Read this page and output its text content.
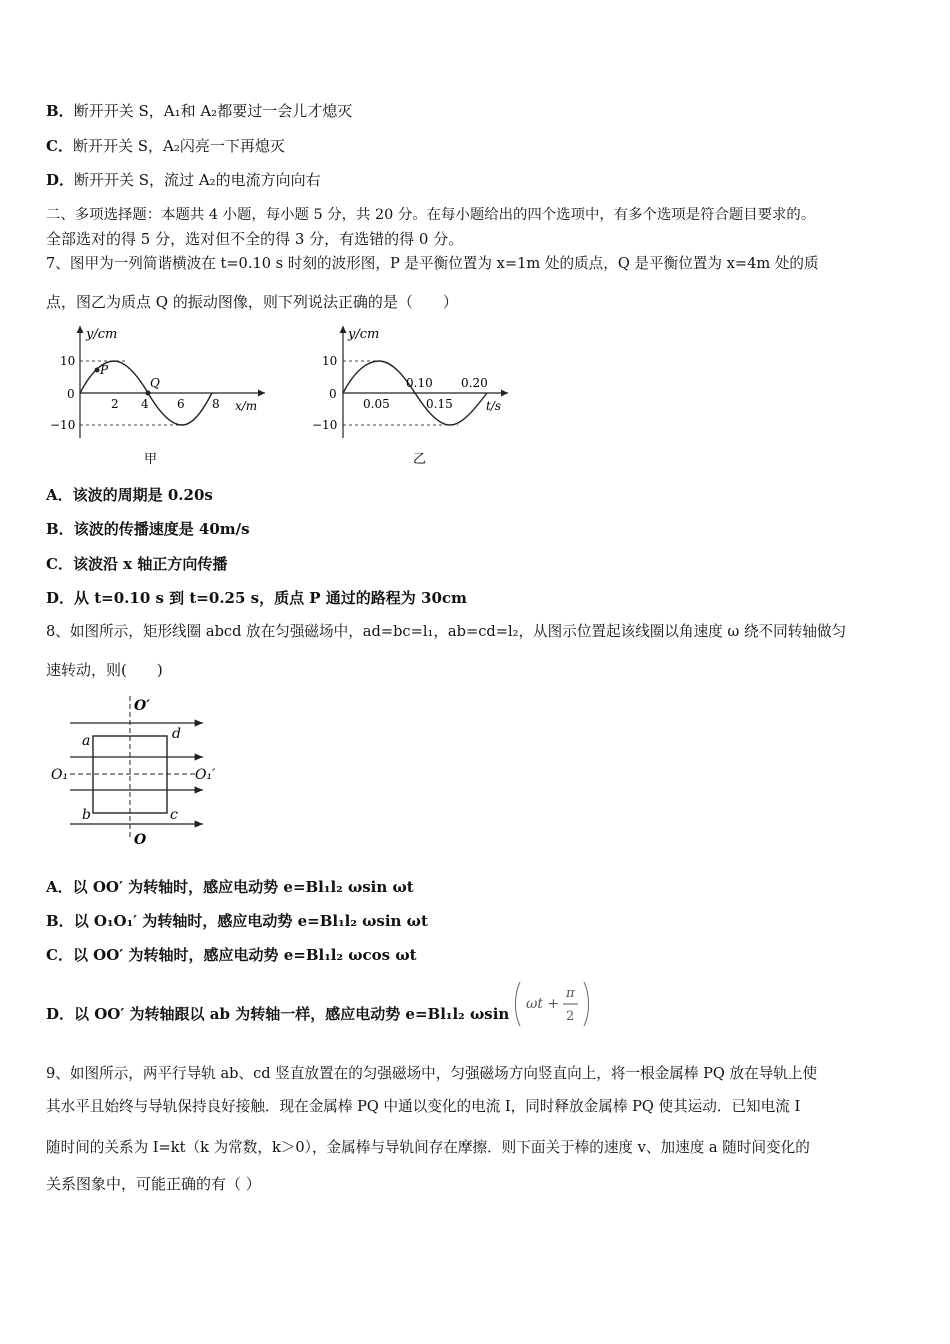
B．断开开关 S，A₁和 A₂都要过一会儿才熄灭
C．断开开关 S，A₂闪亮一下再熄灭
D．断开开关 S，流过 A₂的电流方向向右
二、多项选择题：本题共 4 小题，每小题 5 分，共 20 分。在每小题给出的四个选项中，有多个选项是符合题目要求的。
全部选对的得 5 分，选对但不全的得 3 分，有选错的得 0 分。
7、图甲为一列简谐横波在 t=0.10 s 时刻的波形图，P 是平衡位置为 x=1m 处的质点，Q 是平衡位置为 x=4m 处的质
点，图乙为质点 Q 的振动图像，则下列说法正确的是（　　）
y/cm
x/m
10
0
−10
2 4 6 8
P
Q
甲
y/cm
t/s
10
0
−10
0.05	0.15
0.10 0.20
乙
A．该波的周期是 0.20s
B．该波的传播速度是 40m/s
C．该波沿 x 轴正方向传播
D．从 t=0.10 s 到 t=0.25 s，质点 P 通过的路程为 30cm
8、如图所示，矩形线圈 abcd 放在匀强磁场中，ad=bc=l₁，ab=cd=l₂，从图示位置起该线圈以角速度 ω 绕不同转轴做匀
速转动，则(　　)
O′
O
O₁	O₁′
a	d
b	c
A．以 OO′ 为转轴时，感应电动势 e=Bl₁l₂ ωsin ωt
B．以 O₁O₁′ 为转轴时，感应电动势 e=Bl₁l₂ ωsin ωt
C．以 OO′ 为转轴时，感应电动势 e=Bl₁l₂ ωcos ωt
D．以 OO′ 为转轴跟以 ab 为转轴一样，感应电动势 e=Bl₁l₂ ωsin
ωt +
π
2
9、如图所示，两平行导轨 ab、cd 竖直放置在的匀强磁场中，匀强磁场方向竖直向上，将一根金属棒 PQ 放在导轨上使
其水平且始终与导轨保持良好接触．现在金属棒 PQ 中通以变化的电流 I，同时释放金属棒 PQ 使其运动．已知电流 I
随时间的关系为 I=kt（k 为常数，k＞0），金属棒与导轨间存在摩擦．则下面关于棒的速度 v、加速度 a 随时间变化的
关系图象中，可能正确的有（ ）
